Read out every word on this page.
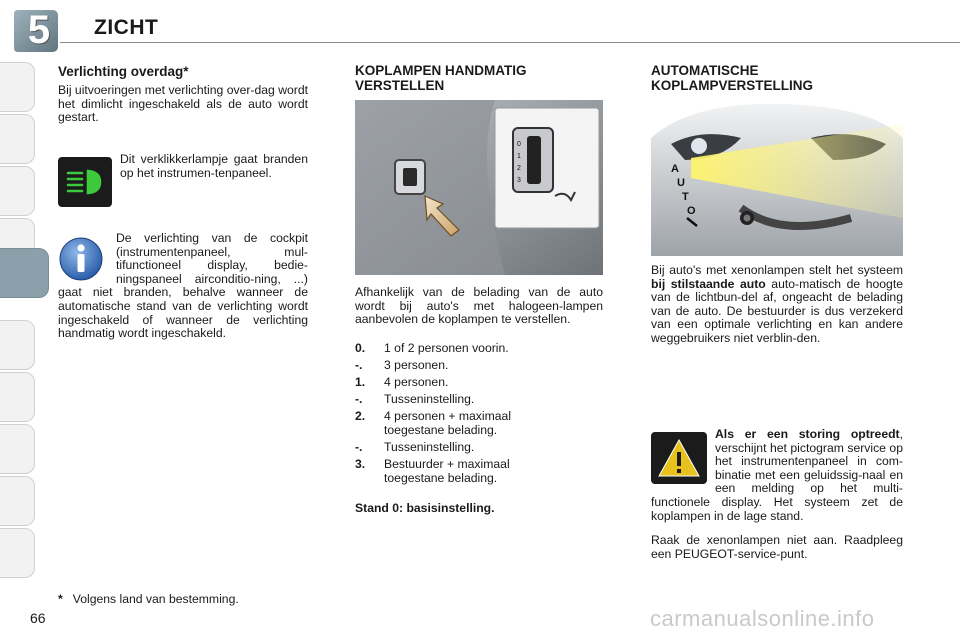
5 ZICHT
Verlichting overdag*
Bij uitvoeringen met verlichting over-dag wordt het dimlicht ingeschakeld als de auto wordt gestart.
Dit verklikkerlampje gaat branden op het instrumen-tenpaneel.
De verlichting van de cockpit (instrumentenpaneel, mul-tifunctioneel display, bedie-ningspaneel airconditio-ning, ...) gaat niet branden, behalve wanneer de automatische stand van de verlichting wordt ingeschakeld of wanneer de verlichting handmatig wordt ingeschakeld.
KOPLAMPEN HANDMATIG
VERSTELLEN
0
1
2
3
Afhankelijk van de belading van de auto wordt bij auto's met halogeen-lampen aanbevolen de koplampen te verstellen.
0. 1 of 2 personen voorin.
-. 3 personen.
1. 4 personen.
-. Tusseninstelling.
2. 4 personen + maximaal toegestane belading.
-. Tusseninstelling.
3. Bestuurder + maximaal toegestane belading.
Stand 0: basisinstelling.
AUTOMATISCHE
KOPLAMPVERSTELLING
A
U
T
O
Bij auto's met xenonlampen stelt het systeem bij stilstaande auto auto-matisch de hoogte van de lichtbun-del af, ongeacht de belading van de auto. De bestuurder is dus verzekerd van een optimale verlichting en kan andere weggebruikers niet verblin-den.
Als er een storing optreedt, verschijnt het pictogram service op het instrumentenpaneel in com-binatie met een geluidssig-naal en een melding op het multi-functionele display. Het systeem zet de koplampen in de lage stand.
Raak de xenonlampen niet aan. Raadpleeg een PEUGEOT-service-punt.
* Volgens land van bestemming.
66	carmanualsonline.info
